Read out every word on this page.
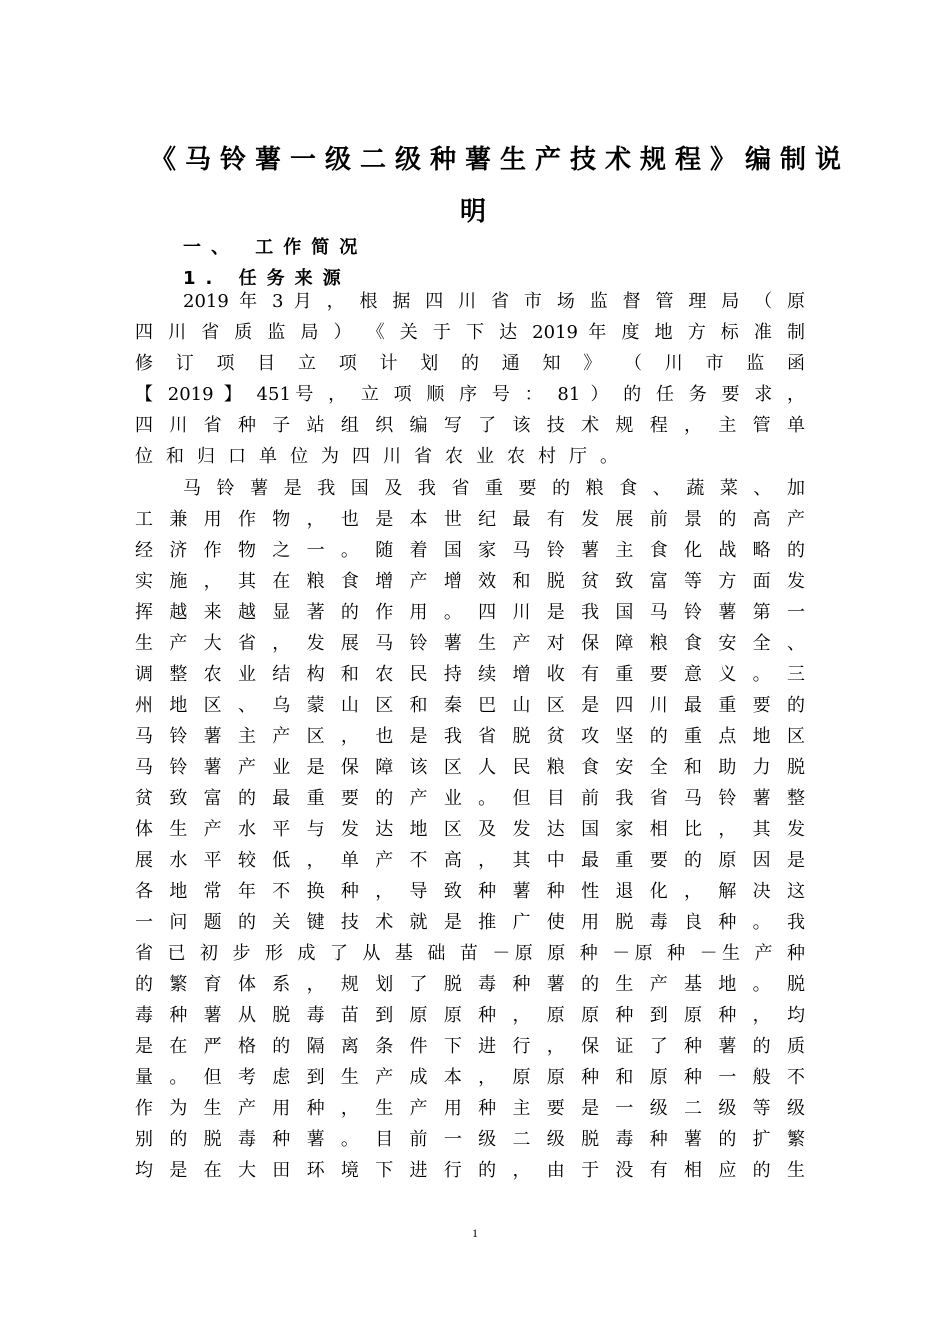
《马铃薯一级二级种薯生产技术规程》编制说
明
一、 工作简况
1. 任务来源

2019 年 3 月 ， 根 据 四 川 省 市 场 监 督 管 理 局 （ 原

四 川 省 质 监 局 ） 《 关 于 下 达 2019 年 度 地 方 标 准 制

修 订 项 目 立 项 计 划 的 通 知 》 （ 川 市 监 函

【 2019 】 451号 ， 立 项 顺 序 号 ： 81 ） 的 任 务 要 求 ，

四 川 省 种 子 站 组 织 编 写 了 该 技 术 规 程 ， 主 管 单

位和归口单位为四川省农业农村厅。

马 铃 薯 是 我 国 及 我 省 重 要 的 粮 食 、 蔬 菜 、 加

工 兼 用 作 物 ， 也 是 本 世 纪 最 有 发 展 前 景 的 高 产

经 济 作 物 之 一 。 随 着 国 家 马 铃 薯 主 食 化 战 略 的

实 施 ， 其 在 粮 食 增 产 增 效 和 脱 贫 致 富 等 方 面 发

挥 越 来 越 显 著 的 作 用 。 四 川 是 我 国 马 铃 薯 第 一

生 产 大 省 ， 发 展 马 铃 薯 生 产 对 保 障 粮 食 安 全 、

调 整 农 业 结 构 和 农 民 持 续 增 收 有 重 要 意 义 。 三

州 地 区 、 乌 蒙 山 区 和 秦 巴 山 区 是 四 川 最 重 要 的

马 铃 薯 主 产 区 ， 也 是 我 省 脱 贫 攻 坚 的 重 点 地 区

马 铃 薯 产 业 是 保 障 该 区 人 民 粮 食 安 全 和 助 力 脱

贫 致 富 的 最 重 要 的 产 业 。 但 目 前 我 省 马 铃 薯 整

体 生 产 水 平 与 发 达 地 区 及 发 达 国 家 相 比 ， 其 发

展 水 平 较 低 ， 单 产 不 高 ， 其 中 最 重 要 的 原 因 是

各 地 常 年 不 换 种 ， 导 致 种 薯 种 性 退 化 ， 解 决 这

一 问 题 的 关 键 技 术 就 是 推 广 使 用 脱 毒 良 种 。 我

省 已 初 步 形 成 了 从 基 础 苗 －原 原 种 －原 种 －生 产 种

的 繁 育 体 系 ， 规 划 了 脱 毒 种 薯 的 生 产 基 地 。 脱

毒 种 薯 从 脱 毒 苗 到 原 原 种 ， 原 原 种 到 原 种 ， 均

是 在 严 格 的 隔 离 条 件 下 进 行 ， 保 证 了 种 薯 的 质

量 。 但 考 虑 到 生 产 成 本 ， 原 原 种 和 原 种 一 般 不

作 为 生 产 用 种 ， 生 产 用 种 主 要 是 一 级 二 级 等 级

别 的 脱 毒 种 薯 。 目 前 一 级 二 级 脱 毒 种 薯 的 扩 繁

均 是 在 大 田 环 境 下 进 行 的 ， 由 于 没 有 相 应 的 生

1
